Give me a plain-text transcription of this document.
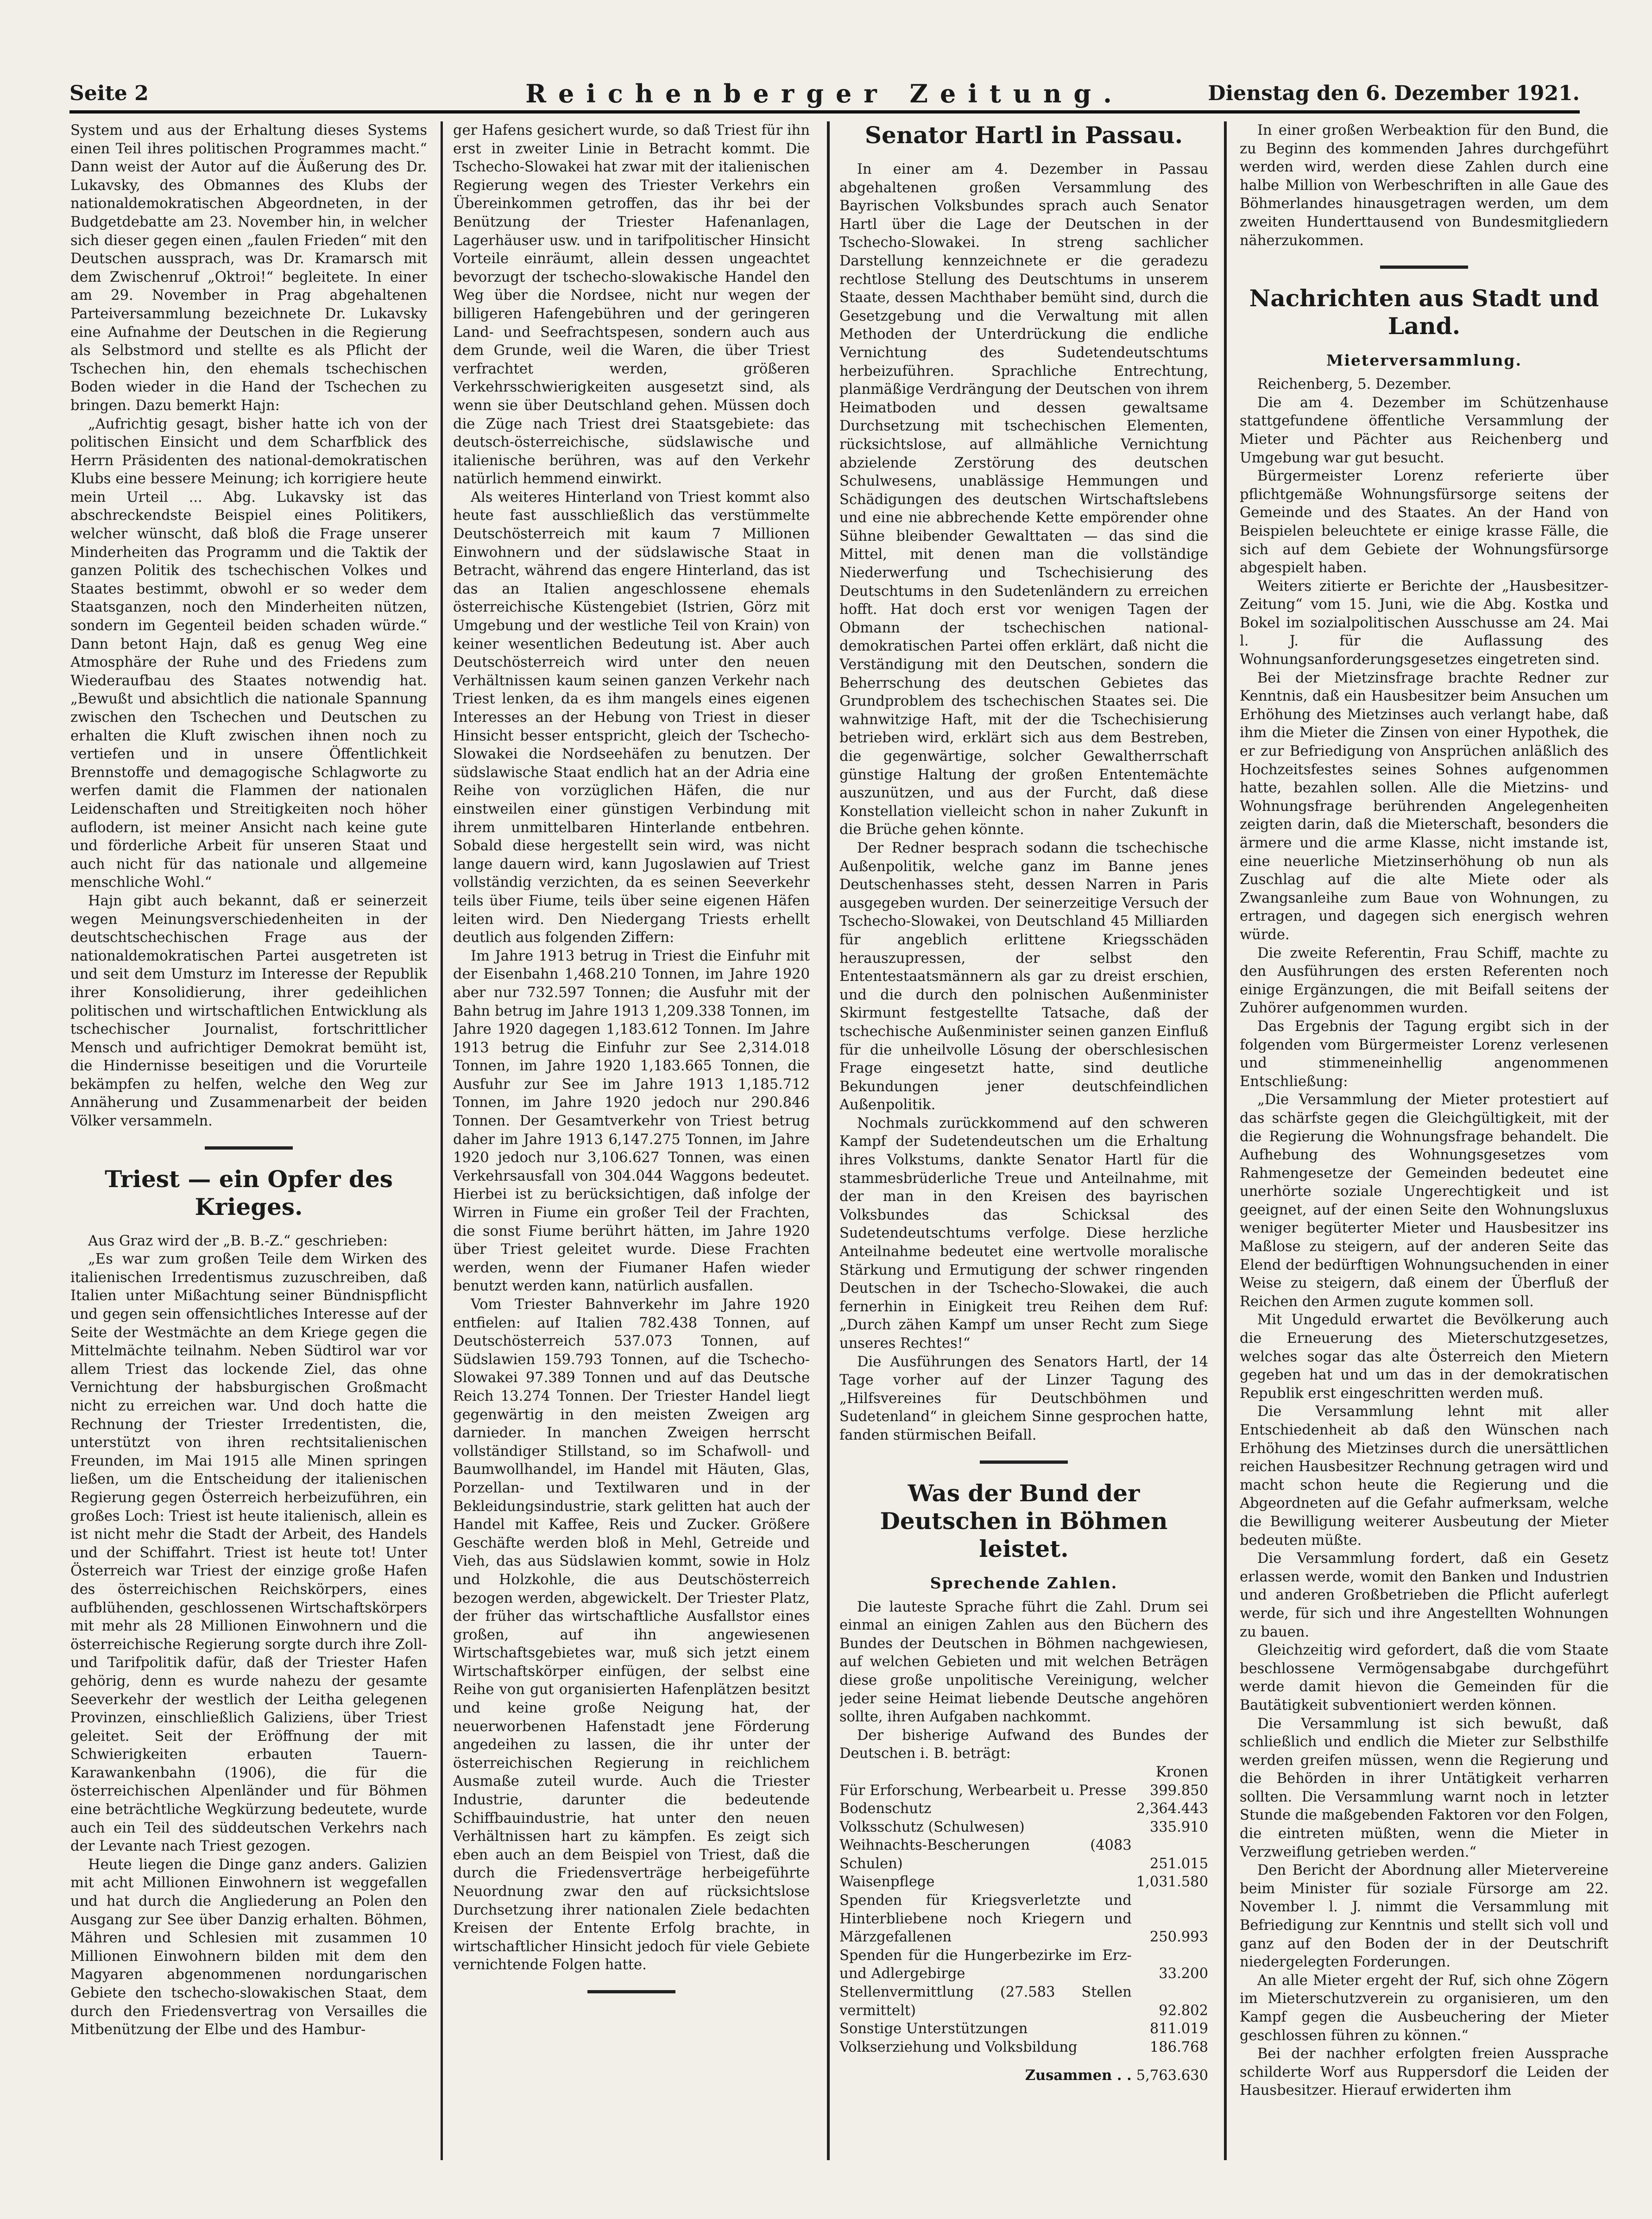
Seite 2	Reichenberger Zeitung.	Dienstag den 6. Dezember 1921.

System und aus der Erhaltung dieses Systems einen Teil ihres politischen Programmes macht.“ Dann weist der Autor auf die Äußerung des Dr. Lukavsky, des Obmannes des Klubs der nationaldemokratischen Abgeordneten, in der Budgetdebatte am 23. November hin, in welcher sich dieser gegen einen „faulen Frieden“ mit den Deutschen aussprach, was Dr. Kramarsch mit dem Zwischenruf „Oktroi!“ begleitete. In einer am 29. November in Prag abgehaltenen Parteiversammlung bezeichnete Dr. Lukavsky eine Aufnahme der Deutschen in die Regierung als Selbstmord und stellte es als Pflicht der Tschechen hin, den ehemals tschechischen Boden wieder in die Hand der Tschechen zu bringen. Dazu bemerkt Hajn:

„Aufrichtig gesagt, bisher hatte ich von der politischen Einsicht und dem Scharfblick des Herrn Präsidenten des national-demokratischen Klubs eine bessere Meinung; ich korrigiere heute mein Urteil ... Abg. Lukavsky ist das abschreckendste Beispiel eines Politikers, welcher wünscht, daß bloß die Frage unserer Minderheiten das Programm und die Taktik der ganzen Politik des tschechischen Volkes und Staates bestimmt, obwohl er so weder dem Staatsganzen, noch den Minderheiten nützen, sondern im Gegenteil beiden schaden würde.“ Dann betont Hajn, daß es genug Weg eine Atmosphäre der Ruhe und des Friedens zum Wiederaufbau des Staates notwendig hat. „Bewußt und absichtlich die nationale Spannung zwischen den Tschechen und Deutschen zu erhalten die Kluft zwischen ihnen noch zu vertiefen und in unsere Öffentlichkeit Brennstoffe und demagogische Schlagworte zu werfen damit die Flammen der nationalen Leidenschaften und Streitigkeiten noch höher auflodern, ist meiner Ansicht nach keine gute und förderliche Arbeit für unseren Staat und auch nicht für das nationale und allgemeine menschliche Wohl.“

Hajn gibt auch bekannt, daß er seinerzeit wegen Meinungsverschiedenheiten in der deutschtschechischen Frage aus der nationaldemokratischen Partei ausgetreten ist und seit dem Umsturz im Interesse der Republik ihrer Konsolidierung, ihrer gedeihlichen politischen und wirtschaftlichen Entwicklung als tschechischer Journalist, fortschrittlicher Mensch und aufrichtiger Demokrat bemüht ist, die Hindernisse beseitigen und die Vorurteile bekämpfen zu helfen, welche den Weg zur Annäherung und Zusammenarbeit der beiden Völker versammeln.

Triest — ein Opfer des Krieges.

Aus Graz wird der „B. B.-Z.“ geschrieben:

„Es war zum großen Teile dem Wirken des italienischen Irredentismus zuzuschreiben, daß Italien unter Mißachtung seiner Bündnispflicht und gegen sein offensichtliches Interesse auf der Seite der Westmächte an dem Kriege gegen die Mittelmächte teilnahm. Neben Südtirol war vor allem Triest das lockende Ziel, das ohne Vernichtung der habsburgischen Großmacht nicht zu erreichen war. Und doch hatte die Rechnung der Triester Irredentisten, die, unterstützt von ihren rechtsitalienischen Freunden, im Mai 1915 alle Minen springen ließen, um die Entscheidung der italienischen Regierung gegen Österreich herbeizuführen, ein großes Loch: Triest ist heute italienisch, allein es ist nicht mehr die Stadt der Arbeit, des Handels und der Schiffahrt. Triest ist heute tot! Unter Österreich war Triest der einzige große Hafen des österreichischen Reichskörpers, eines aufblühenden, geschlossenen Wirtschaftskörpers mit mehr als 28 Millionen Einwohnern und die österreichische Regierung sorgte durch ihre Zoll- und Tarifpolitik dafür, daß der Triester Hafen gehörig, denn es wurde nahezu der gesamte Seeverkehr der westlich der Leitha gelegenen Provinzen, einschließlich Galiziens, über Triest geleitet. Seit der Eröffnung der mit Schwierigkeiten erbauten Tauern-Karawankenbahn (1906), die für die österreichischen Alpenländer und für Böhmen eine beträchtliche Wegkürzung bedeutete, wurde auch ein Teil des süddeutschen Verkehrs nach der Levante nach Triest gezogen.

Heute liegen die Dinge ganz anders. Galizien mit acht Millionen Einwohnern ist weggefallen und hat durch die Angliederung an Polen den Ausgang zur See über Danzig erhalten. Böhmen, Mähren und Schlesien mit zusammen 10 Millionen Einwohnern bilden mit dem den Magyaren abgenommenen nordungarischen Gebiete den tschecho-slowakischen Staat, dem durch den Friedensvertrag von Versailles die Mitbenützung der Elbe und des Hambur-

ger Hafens gesichert wurde, so daß Triest für ihn erst in zweiter Linie in Betracht kommt. Die Tschecho-Slowakei hat zwar mit der italienischen Regierung wegen des Triester Verkehrs ein Übereinkommen getroffen, das ihr bei der Benützung der Triester Hafenanlagen, Lagerhäuser usw. und in tarifpolitischer Hinsicht Vorteile einräumt, allein dessen ungeachtet bevorzugt der tschecho-slowakische Handel den Weg über die Nordsee, nicht nur wegen der billigeren Hafengebühren und der geringeren Land- und Seefrachtspesen, sondern auch aus dem Grunde, weil die Waren, die über Triest verfrachtet werden, größeren Verkehrsschwierigkeiten ausgesetzt sind, als wenn sie über Deutschland gehen. Müssen doch die Züge nach Triest drei Staatsgebiete: das deutsch-österreichische, südslawische und italienische berühren, was auf den Verkehr natürlich hemmend einwirkt.

Als weiteres Hinterland von Triest kommt also heute fast ausschließlich das verstümmelte Deutschösterreich mit kaum 7 Millionen Einwohnern und der südslawische Staat in Betracht, während das engere Hinterland, das ist das an Italien angeschlossene ehemals österreichische Küstengebiet (Istrien, Görz mit Umgebung und der westliche Teil von Krain) von keiner wesentlichen Bedeutung ist. Aber auch Deutschösterreich wird unter den neuen Verhältnissen kaum seinen ganzen Verkehr nach Triest lenken, da es ihm mangels eines eigenen Interesses an der Hebung von Triest in dieser Hinsicht besser entspricht, gleich der Tschecho-Slowakei die Nordseehäfen zu benutzen. Der südslawische Staat endlich hat an der Adria eine Reihe von vorzüglichen Häfen, die nur einstweilen einer günstigen Verbindung mit ihrem unmittelbaren Hinterlande entbehren. Sobald diese hergestellt sein wird, was nicht lange dauern wird, kann Jugoslawien auf Triest vollständig verzichten, da es seinen Seeverkehr teils über Fiume, teils über seine eigenen Häfen leiten wird. Den Niedergang Triests erhellt deutlich aus folgenden Ziffern:

Im Jahre 1913 betrug in Triest die Einfuhr mit der Eisenbahn 1,468.210 Tonnen, im Jahre 1920 aber nur 732.597 Tonnen; die Ausfuhr mit der Bahn betrug im Jahre 1913 1,209.338 Tonnen, im Jahre 1920 dagegen 1,183.612 Tonnen. Im Jahre 1913 betrug die Einfuhr zur See 2,314.018 Tonnen, im Jahre 1920 1,183.665 Tonnen, die Ausfuhr zur See im Jahre 1913 1,185.712 Tonnen, im Jahre 1920 jedoch nur 290.846 Tonnen. Der Gesamtverkehr von Triest betrug daher im Jahre 1913 6,147.275 Tonnen, im Jahre 1920 jedoch nur 3,106.627 Tonnen, was einen Verkehrsausfall von 304.044 Waggons bedeutet. Hierbei ist zu berücksichtigen, daß infolge der Wirren in Fiume ein großer Teil der Frachten, die sonst Fiume berührt hätten, im Jahre 1920 über Triest geleitet wurde. Diese Frachten werden, wenn der Fiumaner Hafen wieder benutzt werden kann, natürlich ausfallen.

Vom Triester Bahnverkehr im Jahre 1920 entfielen: auf Italien 782.438 Tonnen, auf Deutschösterreich 537.073 Tonnen, auf Südslawien 159.793 Tonnen, auf die Tschecho-Slowakei 97.389 Tonnen und auf das Deutsche Reich 13.274 Tonnen. Der Triester Handel liegt gegenwärtig in den meisten Zweigen arg darnieder. In manchen Zweigen herrscht vollständiger Stillstand, so im Schafwoll- und Baumwollhandel, im Handel mit Häuten, Glas, Porzellan- und Textilwaren und in der Bekleidungsindustrie, stark gelitten hat auch der Handel mit Kaffee, Reis und Zucker. Größere Geschäfte werden bloß in Mehl, Getreide und Vieh, das aus Südslawien kommt, sowie in Holz und Holzkohle, die aus Deutschösterreich bezogen werden, abgewickelt. Der Triester Platz, der früher das wirtschaftliche Ausfallstor eines großen, auf ihn angewiesenen Wirtschaftsgebietes war, muß sich jetzt einem Wirtschaftskörper einfügen, der selbst eine Reihe von gut organisierten Hafenplätzen besitzt und keine große Neigung hat, der neuerworbenen Hafenstadt jene Förderung angedeihen zu lassen, die ihr unter der österreichischen Regierung in reichlichem Ausmaße zuteil wurde. Auch die Triester Industrie, darunter die bedeutende Schiffbauindustrie, hat unter den neuen Verhältnissen hart zu kämpfen. Es zeigt sich eben auch an dem Beispiel von Triest, daß die durch die Friedensverträge herbeigeführte Neuordnung zwar den auf rücksichtslose Durchsetzung ihrer nationalen Ziele bedachten Kreisen der Entente Erfolg brachte, in wirtschaftlicher Hinsicht jedoch für viele Gebiete vernichtende Folgen hatte.

Senator Hartl in Passau.

In einer am 4. Dezember in Passau abgehaltenen großen Versammlung des Bayrischen Volksbundes sprach auch Senator Hartl über die Lage der Deutschen in der Tschecho-Slowakei. In streng sachlicher Darstellung kennzeichnete er die geradezu rechtlose Stellung des Deutschtums in unserem Staate, dessen Machthaber bemüht sind, durch die Gesetzgebung und die Verwaltung mit allen Methoden der Unterdrückung die endliche Vernichtung des Sudetendeutschtums herbeizuführen. Sprachliche Entrechtung, planmäßige Verdrängung der Deutschen von ihrem Heimatboden und dessen gewaltsame Durchsetzung mit tschechischen Elementen, rücksichtslose, auf allmähliche Vernichtung abzielende Zerstörung des deutschen Schulwesens, unablässige Hemmungen und Schädigungen des deutschen Wirtschaftslebens und eine nie abbrechende Kette empörender ohne Sühne bleibender Gewalttaten — das sind die Mittel, mit denen man die vollständige Niederwerfung und Tschechisierung des Deutschtums in den Sudetenländern zu erreichen hofft. Hat doch erst vor wenigen Tagen der Obmann der tschechischen national-demokratischen Partei offen erklärt, daß nicht die Verständigung mit den Deutschen, sondern die Beherrschung des deutschen Gebietes das Grundproblem des tschechischen Staates sei. Die wahnwitzige Haft, mit der die Tschechisierung betrieben wird, erklärt sich aus dem Bestreben, die gegenwärtige, solcher Gewaltherrschaft günstige Haltung der großen Ententemächte auszunützen, und aus der Furcht, daß diese Konstellation vielleicht schon in naher Zukunft in die Brüche gehen könnte.

Der Redner besprach sodann die tschechische Außenpolitik, welche ganz im Banne jenes Deutschenhasses steht, dessen Narren in Paris ausgegeben wurden. Der seinerzeitige Versuch der Tschecho-Slowakei, von Deutschland 45 Milliarden für angeblich erlittene Kriegsschäden herauszupressen, der selbst den Ententestaatsmännern als gar zu dreist erschien, und die durch den polnischen Außenminister Skirmunt festgestellte Tatsache, daß der tschechische Außenminister seinen ganzen Einfluß für die unheilvolle Lösung der oberschlesischen Frage eingesetzt hatte, sind deutliche Bekundungen jener deutschfeindlichen Außenpolitik.

Nochmals zurückkommend auf den schweren Kampf der Sudetendeutschen um die Erhaltung ihres Volkstums, dankte Senator Hartl für die stammesbrüderliche Treue und Anteilnahme, mit der man in den Kreisen des bayrischen Volksbundes das Schicksal des Sudetendeutschtums verfolge. Diese herzliche Anteilnahme bedeutet eine wertvolle moralische Stärkung und Ermutigung der schwer ringenden Deutschen in der Tschecho-Slowakei, die auch fernerhin in Einigkeit treu Reihen dem Ruf: „Durch zähen Kampf um unser Recht zum Siege unseres Rechtes!“

Die Ausführungen des Senators Hartl, der 14 Tage vorher auf der Linzer Tagung des „Hilfsvereines für Deutschböhmen und Sudetenland“ in gleichem Sinne gesprochen hatte, fanden stürmischen Beifall.

Was der Bund der Deutschen in Böhmen leistet.
Sprechende Zahlen.

Die lauteste Sprache führt die Zahl. Drum sei einmal an einigen Zahlen aus den Büchern des Bundes der Deutschen in Böhmen nachgewiesen, auf welchen Gebieten und mit welchen Beträgen diese große unpolitische Vereinigung, welcher jeder seine Heimat liebende Deutsche angehören sollte, ihren Aufgaben nachkommt.

Der bisherige Aufwand des Bundes der Deutschen i. B. beträgt:

	Kronen
Für Erforschung, Werbearbeit u. Presse	399.850
Bodenschutz	2,364.443
Volksschutz (Schulwesen)	335.910
Weihnachts-Bescherungen (4083 Schulen)	251.015
Waisenpflege	1,031.580
Spenden für Kriegsverletzte und Hinterbliebene noch Kriegern und Märzgefallenen	250.993
Spenden für die Hungerbezirke im Erz- und Adlergebirge	33.200
Stellenvermittlung (27.583 Stellen vermittelt)	92.802
Sonstige Unterstützungen	811.019
Volkserziehung und Volksbildung	186.768
Zusammen . .	5,763.630

In einer großen Werbeaktion für den Bund, die zu Beginn des kommenden Jahres durchgeführt werden wird, werden diese Zahlen durch eine halbe Million von Werbeschriften in alle Gaue des Böhmerlandes hinausgetragen werden, um dem zweiten Hunderttausend von Bundesmitgliedern näherzukommen.

Nachrichten aus Stadt und Land.
Mieterversammlung.

Reichenberg, 5. Dezember.

Die am 4. Dezember im Schützenhause stattgefundene öffentliche Versammlung der Mieter und Pächter aus Reichenberg und Umgebung war gut besucht.

Bürgermeister Lorenz referierte über pflichtgemäße Wohnungsfürsorge seitens der Gemeinde und des Staates. An der Hand von Beispielen beleuchtete er einige krasse Fälle, die sich auf dem Gebiete der Wohnungsfürsorge abgespielt haben.

Weiters zitierte er Berichte der „Hausbesitzer-Zeitung“ vom 15. Juni, wie die Abg. Kostka und Bokel im sozialpolitischen Ausschusse am 24. Mai l. J. für die Auflassung des Wohnungsanforderungsgesetzes eingetreten sind.

Bei der Mietzinsfrage brachte Redner zur Kenntnis, daß ein Hausbesitzer beim Ansuchen um Erhöhung des Mietzinses auch verlangt habe, daß ihm die Mieter die Zinsen von einer Hypothek, die er zur Befriedigung von Ansprüchen anläßlich des Hochzeitsfestes seines Sohnes aufgenommen hatte, bezahlen sollen. Alle die Mietzins- und Wohnungsfrage berührenden Angelegenheiten zeigten darin, daß die Mieterschaft, besonders die ärmere und die arme Klasse, nicht imstande ist, eine neuerliche Mietzinserhöhung ob nun als Zuschlag auf die alte Miete oder als Zwangsanleihe zum Baue von Wohnungen, zu ertragen, und dagegen sich energisch wehren würde.

Die zweite Referentin, Frau Schiff, machte zu den Ausführungen des ersten Referenten noch einige Ergänzungen, die mit Beifall seitens der Zuhörer aufgenommen wurden.

Das Ergebnis der Tagung ergibt sich in der folgenden vom Bürgermeister Lorenz verlesenen und stimmeneinhellig angenommenen Entschließung:

„Die Versammlung der Mieter protestiert auf das schärfste gegen die Gleichgültigkeit, mit der die Regierung die Wohnungsfrage behandelt. Die Aufhebung des Wohnungsgesetzes vom Rahmengesetze der Gemeinden bedeutet eine unerhörte soziale Ungerechtigkeit und ist geeignet, auf der einen Seite den Wohnungsluxus weniger begüterter Mieter und Hausbesitzer ins Maßlose zu steigern, auf der anderen Seite das Elend der bedürftigen Wohnungsuchenden in einer Weise zu steigern, daß einem der Überfluß der Reichen den Armen zugute kommen soll.

Mit Ungeduld erwartet die Bevölkerung auch die Erneuerung des Mieterschutzgesetzes, welches sogar das alte Österreich den Mietern gegeben hat und um das in der demokratischen Republik erst eingeschritten werden muß.

Die Versammlung lehnt mit aller Entschiedenheit ab daß den Wünschen nach Erhöhung des Mietzinses durch die unersättlichen reichen Hausbesitzer Rechnung getragen wird und macht schon heute die Regierung und die Abgeordneten auf die Gefahr aufmerksam, welche die Bewilligung weiterer Ausbeutung der Mieter bedeuten müßte.

Die Versammlung fordert, daß ein Gesetz erlassen werde, womit den Banken und Industrien und anderen Großbetrieben die Pflicht auferlegt werde, für sich und ihre Angestellten Wohnungen zu bauen.

Gleichzeitig wird gefordert, daß die vom Staate beschlossene Vermögensabgabe durchgeführt werde damit hievon die Gemeinden für die Bautätigkeit subventioniert werden können.

Die Versammlung ist sich bewußt, daß schließlich und endlich die Mieter zur Selbsthilfe werden greifen müssen, wenn die Regierung und die Behörden in ihrer Untätigkeit verharren sollten. Die Versammlung warnt noch in letzter Stunde die maßgebenden Faktoren vor den Folgen, die eintreten müßten, wenn die Mieter in Verzweiflung getrieben werden.“

Den Bericht der Abordnung aller Mietervereine beim Minister für soziale Fürsorge am 22. November l. J. nimmt die Versammlung mit Befriedigung zur Kenntnis und stellt sich voll und ganz auf den Boden der in der Deutschrift niedergelegten Forderungen.

An alle Mieter ergeht der Ruf, sich ohne Zögern im Mieterschutzverein zu organisieren, um den Kampf gegen die Ausbeuchering der Mieter geschlossen führen zu können.“

Bei der nachher erfolgten freien Aussprache schilderte Worf aus Ruppersdorf die Leiden der Hausbesitzer. Hierauf erwiderten ihm
